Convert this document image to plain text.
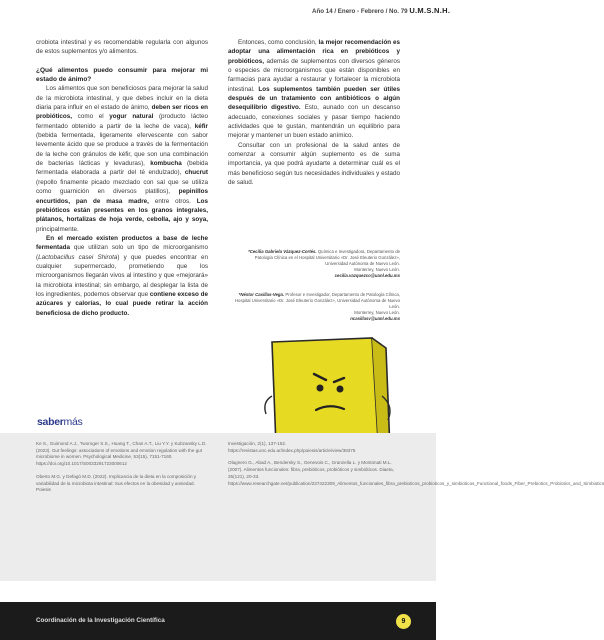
Año 14 / Enero - Febrero / No. 79 U.M.S.N.H.

crobiota intestinal y es recomendable regularla con algunos de estos suplementos y/o alimentos.

¿Qué alimentos puedo consumir para mejorar mi estado de ánimo?

Los alimentos que son beneficiosos para mejorar la salud de la microbiota intestinal, y que debes incluir en la dieta diaria para influir en el estado de ánimo, deben ser ricos en probióticos, como el yogur natural (producto lácteo fermentado obtenido a partir de la leche de vaca), kéfir (bebida fermentada, ligeramente efervescente con sabor levemente ácido que se produce a través de la fermentación de la leche con gránulos de kéfir, que son una combinación de bacterias lácticas y levaduras), kombucha (bebida fermentada elaborada a partir del té endulzado), chucrut (repollo finamente picado mezclado con sal que se utiliza como guarnición en diversos platillos), pepinillos encurtidos, pan de masa madre, entre otros. Los prebióticos están presentes en los granos integrales, plátanos, hortalizas de hoja verde, cebolla, ajo y soya, principalmente.

En el mercado existen productos a base de leche fermentada que utilizan solo un tipo de microorganismo (Lactobacillus casei Shirota) y que puedes encontrar en cualquier supermercado, prometiendo que los microorganismos llegarán vivos al intestino y que «mejorará» la microbiota intestinal; sin embargo, al desplegar la lista de los ingredientes, podemos observar que contiene exceso de azúcares y calorías, lo cual puede retirar la acción beneficiosa de dicho producto.

Entonces, como conclusión, la mejor recomendación es adoptar una alimentación rica en prebióticos y probióticos, además de suplementos con diversos géneros o especies de microorganismos que están disponibles en farmacias para ayudar a restaurar y fortalecer la microbiota intestinal. Los suplementos también pueden ser útiles después de un tratamiento con antibióticos o algún desequilibrio digestivo. Esto, aunado con un descanso adecuado, conexiones sociales y pasar tiempo haciendo actividades que te gustan, mantendrán un equilibrio para mejorar y mantener un buen estado anímico.

Consultar con un profesional de la salud antes de comenzar a consumir algún suplemento es de suma importancia, ya que podrá ayudarte a determinar cuál es el más beneficioso según tus necesidades individuales y estado de salud.

*Cecilia Gabriela Vázquez-Cortés. Química e Investigadora, Departamento de Patología Clínica en el Hospital Universitario «Dr. José Eleuterio González», Universidad Autónoma de Nuevo León.
Monterrey, Nuevo León.
cecilia.vazquezco@uanl.edu.mx
*Néstor Casillas-Vega. Profesor e Investigador, Departamento de Patología Clínica, Hospital Universitario «Dr. José Eleuterio González», Universidad Autónoma de Nuevo León.
Monterrey, Nuevo León.
ncasillasv@uanl.edu.mx
sabermás

Ke S., Guimond A.J., Tworoger S.S., Huang T., Chan A.T., Liu Y.Y. y Kubzansky L.D. (2023). Gut feelings: associations of emotions and emotion regulation with the gut microbiome in women. Psychological Medicine, 53(15), 7151-7160. https://doi.org/10.1017/S0033291723000612

Oberto M.G. y Defagó M.D. (2022). Implicancia de la dieta en la composición y variabilidad de la microbiota intestinal: Sus efectos en la obesidad y ansiedad. Poiesis

Investigación, 2(1), 137-152. https://revistas.unc.edu.ar/index.php/poiesis/article/view/38375

Olagnero G., Abad A., Bendersky S., Genevois C., Granzella L. y Montonati M.L. (2007). Alimentos funcionales: fibra, prebióticos, probióticos y simbióticos. Diaeta, 25(121), 20-33. https://www.researchgate.net/publication/237422309_Alimentos_funcionales_fibra_prebioticos_probioticos_y_simbioticos_Functional_foods_Fiber_Prebiotics_Probiotics_and_Simbiotics

Coordinación de la Investigación Científica	9
